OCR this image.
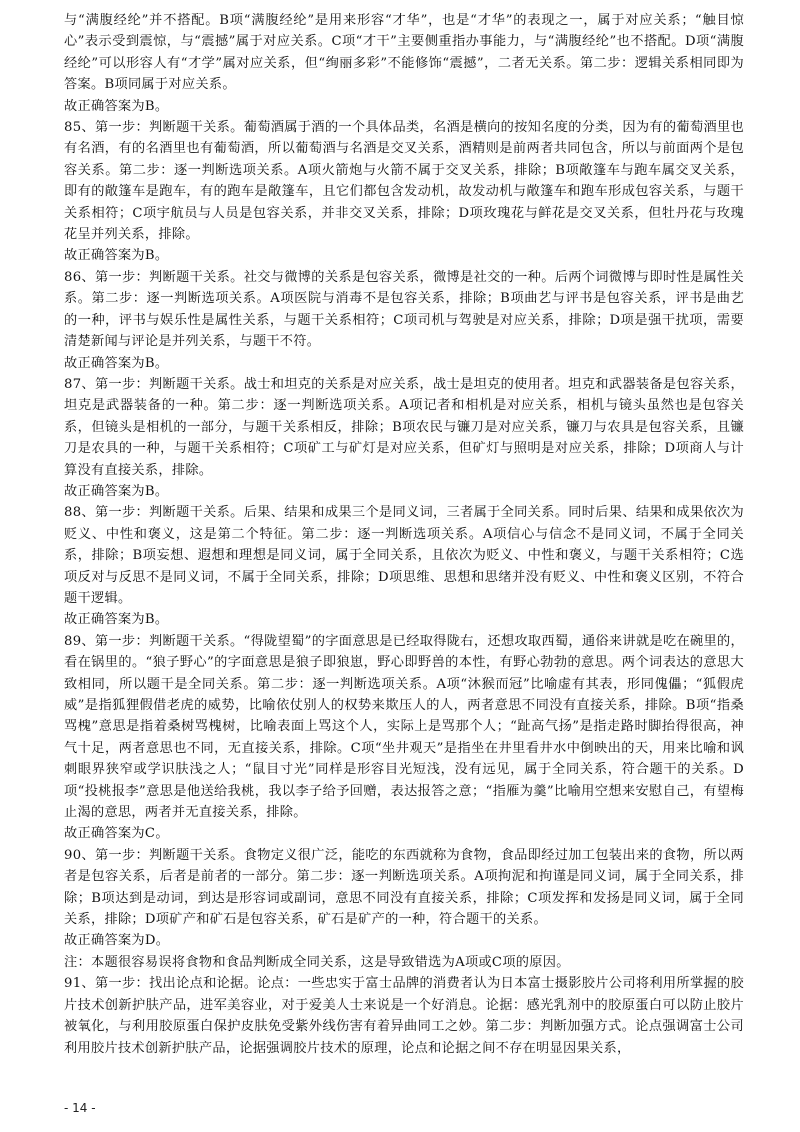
与“满腹经纶”并不搭配。B项“满腹经纶”是用来形容“才华”，也是“才华”的表现之一，属于对应关系；“触目惊心”表示受到震惊，与“震撼”属于对应关系。C项“才干”主要侧重指办事能力，与“满腹经纶”也不搭配。D项“满腹经纶”可以形容人有“才学”属对应关系，但“绚丽多彩”不能修饰“震撼”，二者无关系。第二步：逻辑关系相同即为答案。B项同属于对应关系。

故正确答案为B。

85、第一步：判断题干关系。葡萄酒属于酒的一个具体品类，名酒是横向的按知名度的分类，因为有的葡萄酒里也有名酒，有的名酒里也有葡萄酒，所以葡萄酒与名酒是交叉关系，酒精则是前两者共同包含，所以与前面两个是包容关系。第二步：逐一判断选项关系。A项火箭炮与火箭不属于交叉关系，排除；B项敞篷车与跑车属交叉关系，即有的敞篷车是跑车，有的跑车是敞篷车，且它们都包含发动机，故发动机与敞篷车和跑车形成包容关系，与题干关系相符；C项宇航员与人员是包容关系，并非交叉关系，排除；D项玫瑰花与鲜花是交叉关系，但牡丹花与玫瑰花呈并列关系，排除。

故正确答案为B。

86、第一步：判断题干关系。社交与微博的关系是包容关系，微博是社交的一种。后两个词微博与即时性是属性关系。第二步：逐一判断选项关系。A项医院与消毒不是包容关系，排除；B项曲艺与评书是包容关系，评书是曲艺的一种，评书与娱乐性是属性关系，与题干关系相符；C项司机与驾驶是对应关系，排除；D项是强干扰项，需要清楚新闻与评论是并列关系，与题干不符。

故正确答案为B。

87、第一步：判断题干关系。战士和坦克的关系是对应关系，战士是坦克的使用者。坦克和武器装备是包容关系，坦克是武器装备的一种。第二步：逐一判断选项关系。A项记者和相机是对应关系，相机与镜头虽然也是包容关系，但镜头是相机的一部分，与题干关系相反，排除；B项农民与镰刀是对应关系，镰刀与农具是包容关系，且镰刀是农具的一种，与题干关系相符；C项矿工与矿灯是对应关系，但矿灯与照明是对应关系，排除；D项商人与计算没有直接关系，排除。

故正确答案为B。

88、第一步：判断题干关系。后果、结果和成果三个是同义词，三者属于全同关系。同时后果、结果和成果依次为贬义、中性和褒义，这是第二个特征。第二步：逐一判断选项关系。A项信心与信念不是同义词，不属于全同关系，排除；B项妄想、遐想和理想是同义词，属于全同关系，且依次为贬义、中性和褒义，与题干关系相符；C选项反对与反思不是同义词，不属于全同关系，排除；D项思维、思想和思绪并没有贬义、中性和褒义区别，不符合题干逻辑。

故正确答案为B。

89、第一步：判断题干关系。“得陇望蜀”的字面意思是已经取得陇右，还想攻取西蜀，通俗来讲就是吃在碗里的，看在锅里的。“狼子野心”的字面意思是狼子即狼崽，野心即野兽的本性，有野心勃勃的意思。两个词表达的意思大致相同，所以题干是全同关系。第二步：逐一判断选项关系。A项“沐猴而冠”比喻虚有其表，形同傀儡；“狐假虎威”是指狐狸假借老虎的威势，比喻依仗别人的权势来欺压人的人，两者意思不同没有直接关系，排除。B项“指桑骂槐”意思是指着桑树骂槐树，比喻表面上骂这个人，实际上是骂那个人；“趾高气扬”是指走路时脚抬得很高，神气十足，两者意思也不同，无直接关系，排除。C项“坐井观天”是指坐在井里看井水中倒映出的天，用来比喻和讽刺眼界狭窄或学识肤浅之人；“鼠目寸光”同样是形容目光短浅，没有远见，属于全同关系，符合题干的关系。D项“投桃报李”意思是他送给我桃，我以李子给予回赠，表达报答之意；“指雁为羹”比喻用空想来安慰自己，有望梅止渴的意思，两者并无直接关系，排除。

故正确答案为C。

90、第一步：判断题干关系。食物定义很广泛，能吃的东西就称为食物，食品即经过加工包装出来的食物，所以两者是包容关系，后者是前者的一部分。第二步：逐一判断选项关系。A项拘泥和拘谨是同义词，属于全同关系，排除；B项达到是动词，到达是形容词或副词，意思不同没有直接关系，排除；C项发挥和发扬是同义词，属于全同关系，排除；D项矿产和矿石是包容关系，矿石是矿产的一种，符合题干的关系。

故正确答案为D。

注：本题很容易误将食物和食品判断成全同关系，这是导致错选为A项或C项的原因。

91、第一步：找出论点和论据。论点：一些忠实于富士品牌的消费者认为日本富士摄影胶片公司将利用所掌握的胶片技术创新护肤产品，进军美容业，对于爱美人士来说是一个好消息。论据：感光乳剂中的胶原蛋白可以防止胶片被氧化，与利用胶原蛋白保护皮肤免受紫外线伤害有着异曲同工之妙。第二步：判断加强方式。论点强调富士公司利用胶片技术创新护肤产品，论据强调胶片技术的原理，论点和论据之间不存在明显因果关系，

- 14 -
